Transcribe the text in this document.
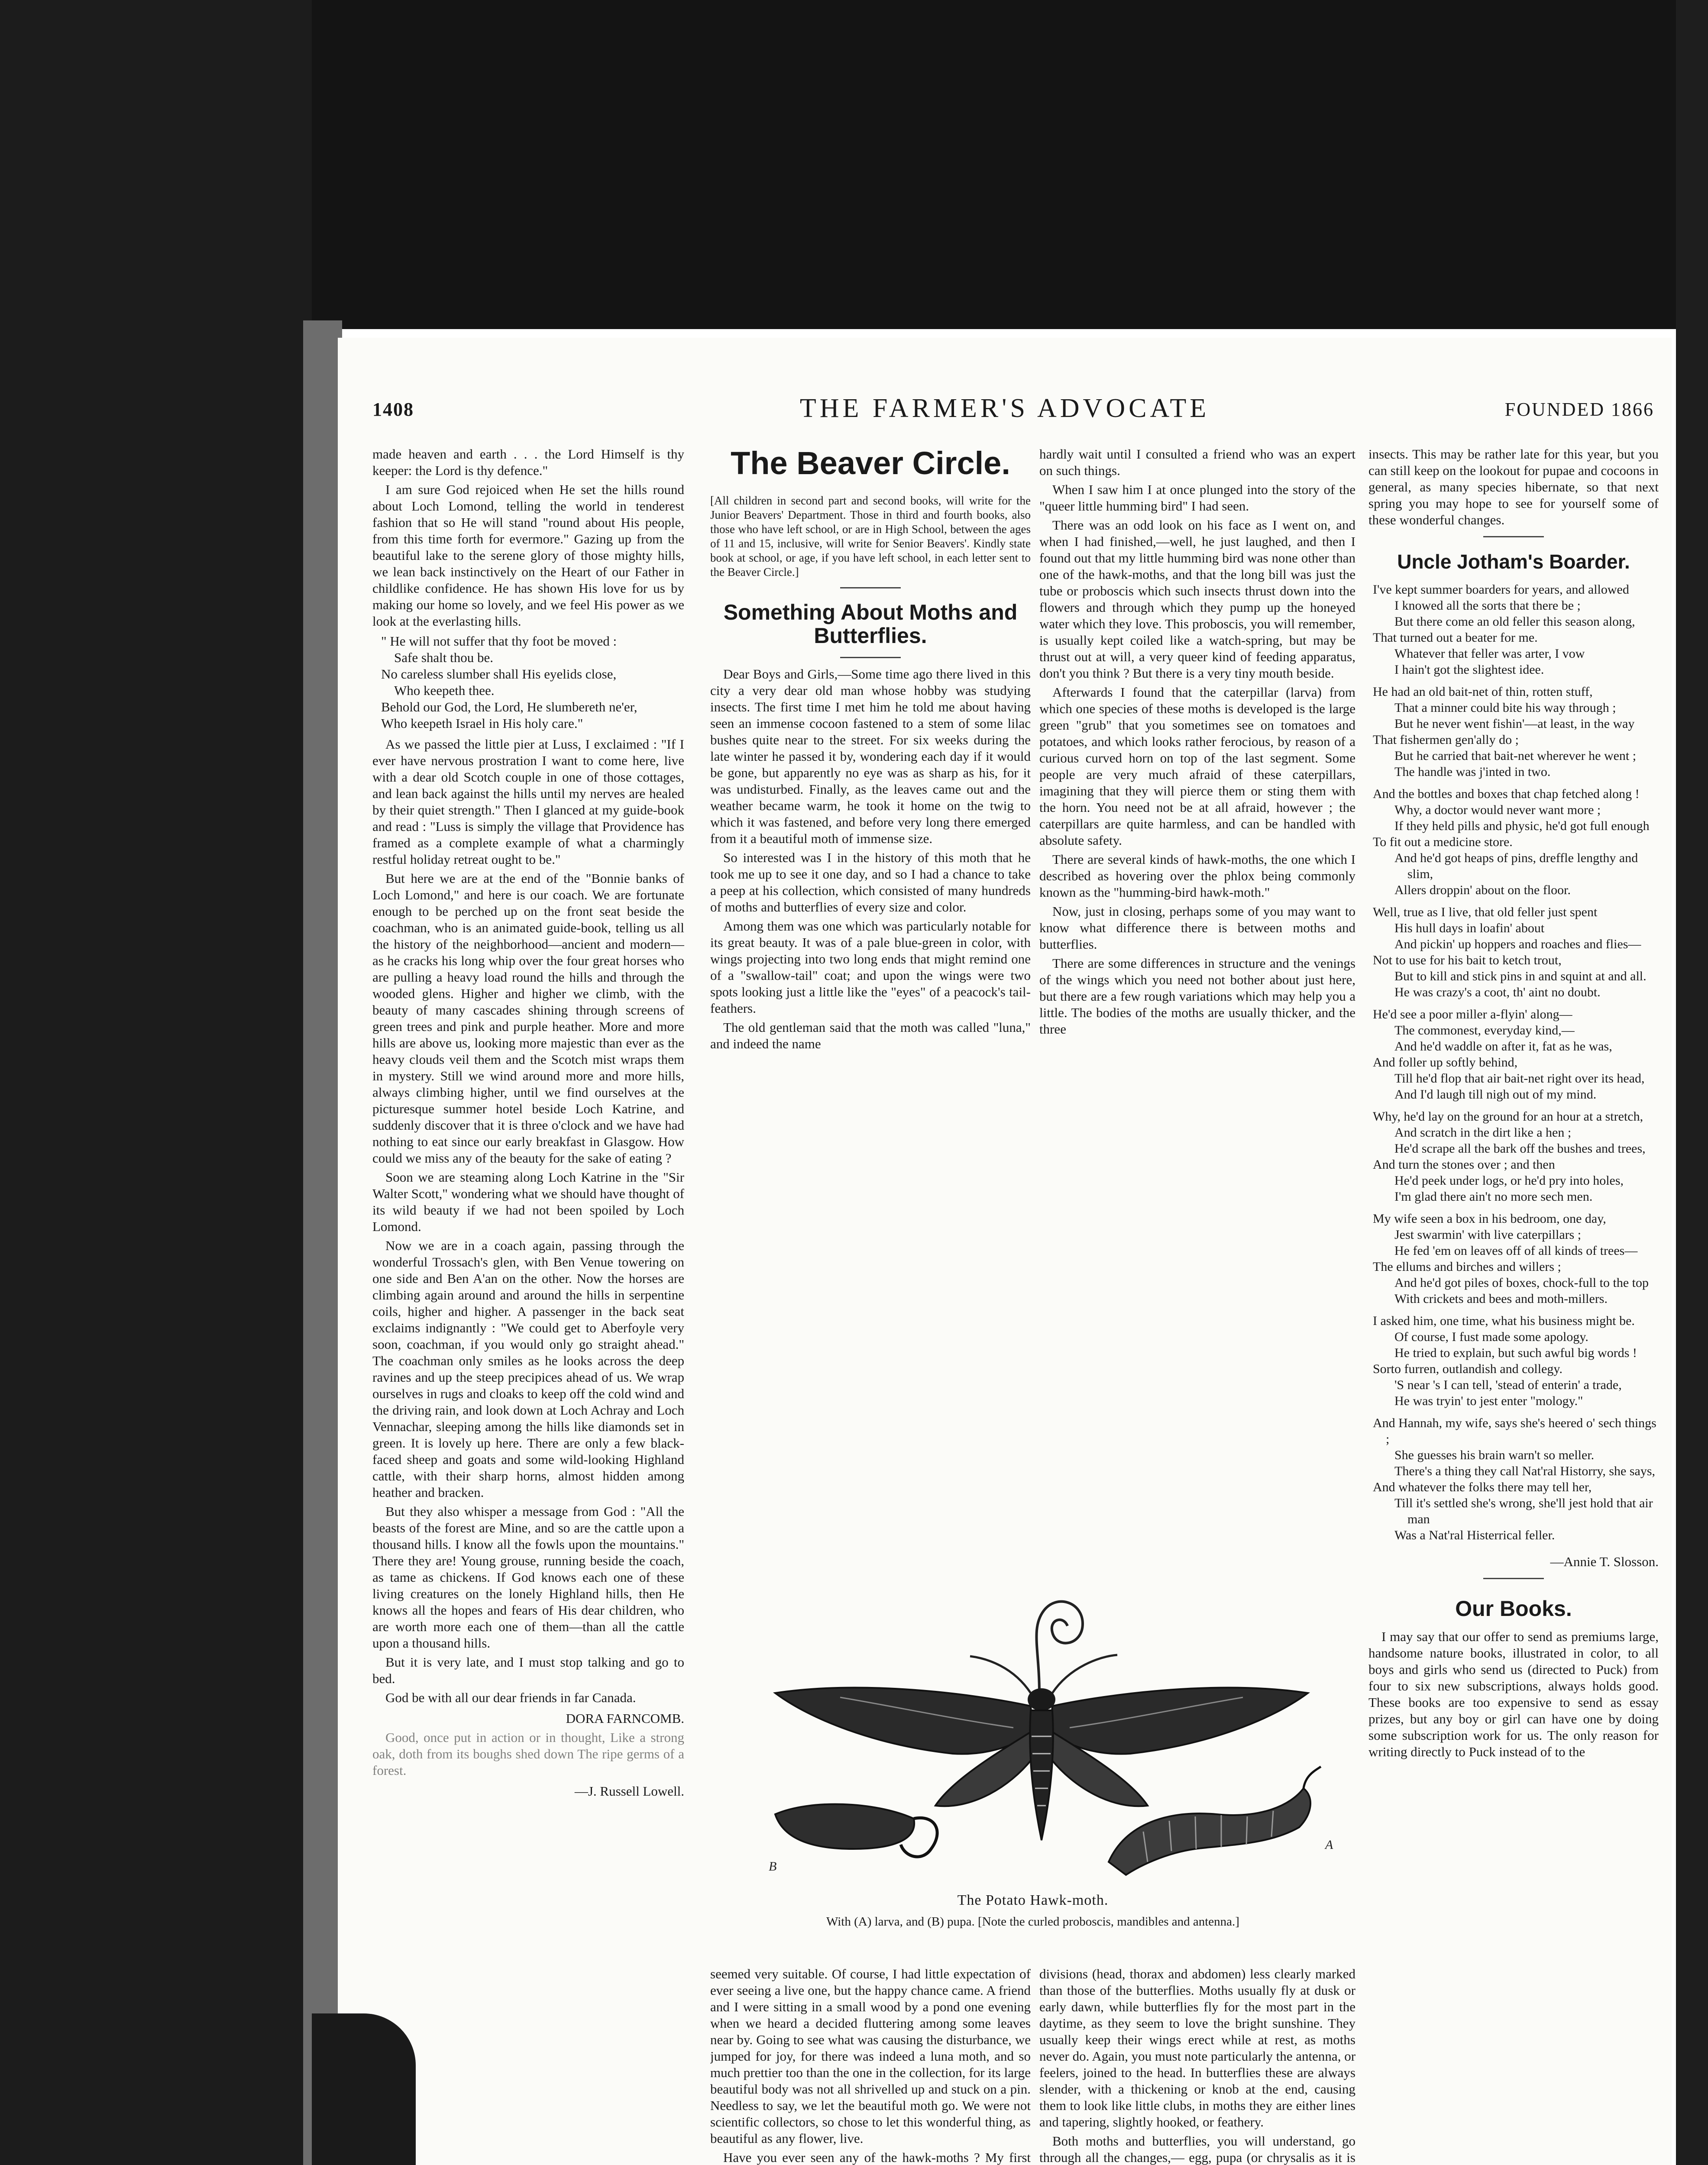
1408	THE FARMER'S ADVOCATE	FOUNDED 1866

made heaven and earth . . . the Lord Himself is thy keeper: the Lord is thy defence."

I am sure God rejoiced when He set the hills round about Loch Lomond, telling the world in tenderest fashion that so He will stand "round about His people, from this time forth for evermore." Gazing up from the beautiful lake to the serene glory of those mighty hills, we lean back instinctively on the Heart of our Father in childlike confidence. He has shown His love for us by making our home so lovely, and we feel His power as we look at the everlasting hills.

" He will not suffer that thy foot be moved :
Safe shalt thou be.
No careless slumber shall His eyelids close,
Who keepeth thee.
Behold our God, the Lord, He slumbereth ne'er,
Who keepeth Israel in His holy care."

As we passed the little pier at Luss, I exclaimed : "If I ever have nervous prostration I want to come here, live with a dear old Scotch couple in one of those cottages, and lean back against the hills until my nerves are healed by their quiet strength." Then I glanced at my guide-book and read : "Luss is simply the village that Providence has framed as a complete example of what a charmingly restful holiday retreat ought to be."

But here we are at the end of the "Bonnie banks of Loch Lomond," and here is our coach. We are fortunate enough to be perched up on the front seat beside the coachman, who is an animated guide-book, telling us all the history of the neighborhood—ancient and modern—as he cracks his long whip over the four great horses who are pulling a heavy load round the hills and through the wooded glens. Higher and higher we climb, with the beauty of many cascades shining through screens of green trees and pink and purple heather. More and more hills are above us, looking more majestic than ever as the heavy clouds veil them and the Scotch mist wraps them in mystery. Still we wind around more and more hills, always climbing higher, until we find ourselves at the picturesque summer hotel beside Loch Katrine, and suddenly discover that it is three o'clock and we have had nothing to eat since our early breakfast in Glasgow. How could we miss any of the beauty for the sake of eating ?

Soon we are steaming along Loch Katrine in the "Sir Walter Scott," wondering what we should have thought of its wild beauty if we had not been spoiled by Loch Lomond.

Now we are in a coach again, passing through the wonderful Trossach's glen, with Ben Venue towering on one side and Ben A'an on the other. Now the horses are climbing again around and around the hills in serpentine coils, higher and higher. A passenger in the back seat exclaims indignantly : "We could get to Aberfoyle very soon, coachman, if you would only go straight ahead." The coachman only smiles as he looks across the deep ravines and up the steep precipices ahead of us. We wrap ourselves in rugs and cloaks to keep off the cold wind and the driving rain, and look down at Loch Achray and Loch Vennachar, sleeping among the hills like diamonds set in green. It is lovely up here. There are only a few black-faced sheep and goats and some wild-looking Highland cattle, with their sharp horns, almost hidden among heather and bracken.

But they also whisper a message from God : "All the beasts of the forest are Mine, and so are the cattle upon a thousand hills. I know all the fowls upon the mountains." There they are! Young grouse, running beside the coach, as tame as chickens. If God knows each one of these living creatures on the lonely Highland hills, then He knows all the hopes and fears of His dear children, who are worth more each one of them—than all the cattle upon a thousand hills.

But it is very late, and I must stop talking and go to bed.

God be with all our dear friends in far Canada.

DORA FARNCOMB.

Good, once put in action or in thought, Like a strong oak, doth from its boughs shed down The ripe germs of a forest.

—J. Russell Lowell.

The Beaver Circle.

[All children in second part and second books, will write for the Junior Beavers' Department. Those in third and fourth books, also those who have left school, or are in High School, between the ages of 11 and 15, inclusive, will write for Senior Beavers'. Kindly state book at school, or age, if you have left school, in each letter sent to the Beaver Circle.]

Something About Moths and Butterflies.

Dear Boys and Girls,—Some time ago there lived in this city a very dear old man whose hobby was studying insects. The first time I met him he told me about having seen an immense cocoon fastened to a stem of some lilac bushes quite near to the street. For six weeks during the late winter he passed it by, wondering each day if it would be gone, but apparently no eye was as sharp as his, for it was undisturbed. Finally, as the leaves came out and the weather became warm, he took it home on the twig to which it was fastened, and before very long there emerged from it a beautiful moth of immense size.

So interested was I in the history of this moth that he took me up to see it one day, and so I had a chance to take a peep at his collection, which consisted of many hundreds of moths and butterflies of every size and color.

Among them was one which was particularly notable for its great beauty. It was of a pale blue-green in color, with wings projecting into two long ends that might remind one of a "swallow-tail" coat; and upon the wings were two spots looking just a little like the "eyes" of a peacock's tail-feathers.

The old gentleman said that the moth was called "luna," and indeed the name

hardly wait until I consulted a friend who was an expert on such things.

When I saw him I at once plunged into the story of the "queer little humming bird" I had seen.

There was an odd look on his face as I went on, and when I had finished,—well, he just laughed, and then I found out that my little humming bird was none other than one of the hawk-moths, and that the long bill was just the tube or proboscis which such insects thrust down into the flowers and through which they pump up the honeyed water which they love. This proboscis, you will remember, is usually kept coiled like a watch-spring, but may be thrust out at will, a very queer kind of feeding apparatus, don't you think ? But there is a very tiny mouth beside.

Afterwards I found that the caterpillar (larva) from which one species of these moths is developed is the large green "grub" that you sometimes see on tomatoes and potatoes, and which looks rather ferocious, by reason of a curious curved horn on top of the last segment. Some people are very much afraid of these caterpillars, imagining that they will pierce them or sting them with the horn. You need not be at all afraid, however ; the caterpillars are quite harmless, and can be handled with absolute safety.

There are several kinds of hawk-moths, the one which I described as hovering over the phlox being commonly known as the "humming-bird hawk-moth."

Now, just in closing, perhaps some of you may want to know what difference there is between moths and butterflies.

There are some differences in structure and the venings of the wings which you need not bother about just here, but there are a few rough variations which may help you a little. The bodies of the moths are usually thicker, and the three

B
A
The Potato Hawk-moth.
With (A) larva, and (B) pupa. [Note the curled proboscis, mandibles and antenna.]

seemed very suitable. Of course, I had little expectation of ever seeing a live one, but the happy chance came. A friend and I were sitting in a small wood by a pond one evening when we heard a decided fluttering among some leaves near by. Going to see what was causing the disturbance, we jumped for joy, for there was indeed a luna moth, and so much prettier too than the one in the collection, for its large beautiful body was not all shrivelled up and stuck on a pin. Needless to say, we let the beautiful moth go. We were not scientific collectors, so chose to let this wonderful thing, as beautiful as any flower, live.

Have you ever seen any of the hawk-moths ? My first

divisions (head, thorax and abdomen) less clearly marked than those of the butterflies. Moths usually fly at dusk or early dawn, while butterflies fly for the most part in the daytime, as they seem to love the bright sunshine. They usually keep their wings erect while at rest, as moths never do. Again, you must note particularly the antenna, or feelers, joined to the head. In butterflies these are always slender, with a thickening or knob at the end, causing them to look like little clubs, in moths they are either lines and tapering, slightly hooked, or feathery.

Both moths and butterflies, you will understand, go through all the changes,— egg, pupa (or chrysalis as it is

insects. This may be rather late for this year, but you can still keep on the lookout for pupae and cocoons in general, as many species hibernate, so that next spring you may hope to see for yourself some of these wonderful changes.

Uncle Jotham's Boarder.
I've kept summer boarders for years, and allowed
I knowed all the sorts that there be ;
But there come an old feller this season along,
That turned out a beater for me.
Whatever that feller was arter, I vow
I hain't got the slightest idee.
He had an old bait-net of thin, rotten stuff,
That a minner could bite his way through ;
But he never went fishin'—at least, in the way
That fishermen gen'ally do ;
But he carried that bait-net wherever he went ;
The handle was j'inted in two.
And the bottles and boxes that chap fetched along !
Why, a doctor would never want more ;
If they held pills and physic, he'd got full enough
To fit out a medicine store.
And he'd got heaps of pins, dreffle lengthy and slim,
Allers droppin' about on the floor.
Well, true as I live, that old feller just spent
His hull days in loafin' about
And pickin' up hoppers and roaches and flies—
Not to use for his bait to ketch trout,
But to kill and stick pins in and squint at and all.
He was crazy's a coot, th' aint no doubt.
He'd see a poor miller a-flyin' along—
The commonest, everyday kind,—
And he'd waddle on after it, fat as he was,
And foller up softly behind,
Till he'd flop that air bait-net right over its head,
And I'd laugh till nigh out of my mind.
Why, he'd lay on the ground for an hour at a stretch,
And scratch in the dirt like a hen ;
He'd scrape all the bark off the bushes and trees,
And turn the stones over ; and then
He'd peek under logs, or he'd pry into holes,
I'm glad there ain't no more sech men.
My wife seen a box in his bedroom, one day,
Jest swarmin' with live caterpillars ;
He fed 'em on leaves off of all kinds of trees—
The ellums and birches and willers ;
And he'd got piles of boxes, chock-full to the top
With crickets and bees and moth-millers.
I asked him, one time, what his business might be.
Of course, I fust made some apology.
He tried to explain, but such awful big words !
Sorto furren, outlandish and collegy.
'S near 's I can tell, 'stead of enterin' a trade,
He was tryin' to jest enter "mology."
And Hannah, my wife, says she's heered o' sech things ;
She guesses his brain warn't so meller.
There's a thing they call Nat'ral Historry, she says,
And whatever the folks there may tell her,
Till it's settled she's wrong, she'll jest hold that air man
Was a Nat'ral Histerrical feller.

—Annie T. Slosson.

Our Books.

I may say that our offer to send as premiums large, handsome nature books, illustrated in color, to all boys and girls who send us (directed to Puck) from four to six new subscriptions, always holds good. These books are too expensive to send as essay prizes, but any boy or girl can have one by doing some subscription work for us. The only reason for writing directly to Puck instead of to the
